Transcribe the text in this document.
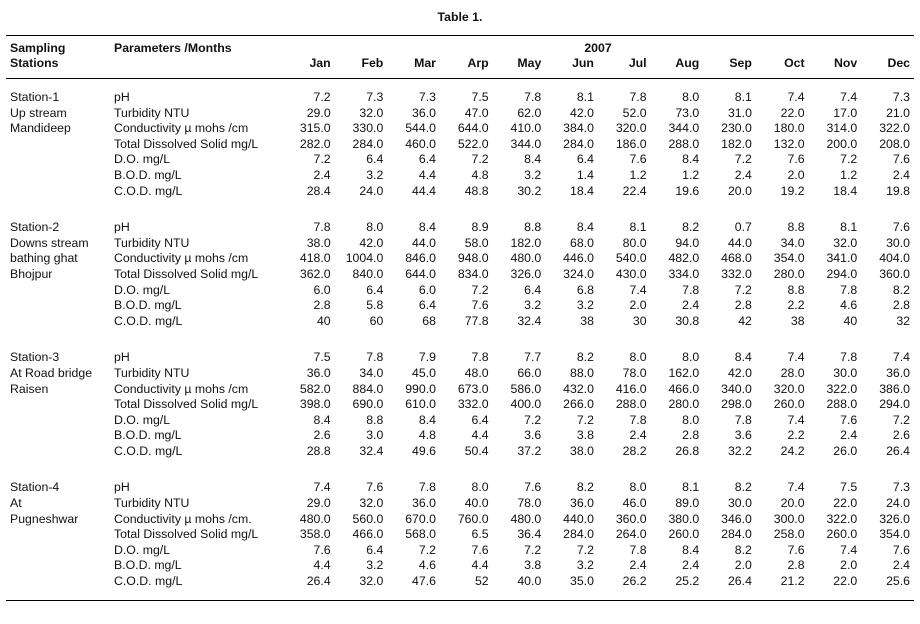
Table 1.
Sampling	Parameters /Months	2007											
Stations		Jan	Feb	Mar	Arp	May	Jun	Jul	Aug	Sep	Oct	Nov	Dec
Station-1	pH	7.2	7.3	7.3	7.5	7.8	8.1	7.8	8.0	8.1	7.4	7.4	7.3
Up stream	Turbidity NTU	29.0	32.0	36.0	47.0	62.0	42.0	52.0	73.0	31.0	22.0	17.0	21.0
Mandideep	Conductivity µ mohs /cm	315.0	330.0	544.0	644.0	410.0	384.0	320.0	344.0	230.0	180.0	314.0	322.0
	Total Dissolved Solid mg/L	282.0	284.0	460.0	522.0	344.0	284.0	186.0	288.0	182.0	132.0	200.0	208.0
	D.O. mg/L	7.2	6.4	6.4	7.2	8.4	6.4	7.6	8.4	7.2	7.6	7.2	7.6
	B.O.D. mg/L	2.4	3.2	4.4	4.8	3.2	1.4	1.2	1.2	2.4	2.0	1.2	2.4
	C.O.D. mg/L	28.4	24.0	44.4	48.8	30.2	18.4	22.4	19.6	20.0	19.2	18.4	19.8
Station-2	pH	7.8	8.0	8.4	8.9	8.8	8.4	8.1	8.2	0.7	8.8	8.1	7.6
Downs stream	Turbidity NTU	38.0	42.0	44.0	58.0	182.0	68.0	80.0	94.0	44.0	34.0	32.0	30.0
bathing ghat	Conductivity µ mohs /cm	418.0	1004.0	846.0	948.0	480.0	446.0	540.0	482.0	468.0	354.0	341.0	404.0
Bhojpur	Total Dissolved Solid mg/L	362.0	840.0	644.0	834.0	326.0	324.0	430.0	334.0	332.0	280.0	294.0	360.0
	D.O. mg/L	6.0	6.4	6.0	7.2	6.4	6.8	7.4	7.8	7.2	8.8	7.8	8.2
	B.O.D. mg/L	2.8	5.8	6.4	7.6	3.2	3.2	2.0	2.4	2.8	2.2	4.6	2.8
	C.O.D. mg/L	40	60	68	77.8	32.4	38	30	30.8	42	38	40	32
Station-3	pH	7.5	7.8	7.9	7.8	7.7	8.2	8.0	8.0	8.4	7.4	7.8	7.4
At Road bridge	Turbidity NTU	36.0	34.0	45.0	48.0	66.0	88.0	78.0	162.0	42.0	28.0	30.0	36.0
Raisen	Conductivity µ mohs /cm	582.0	884.0	990.0	673.0	586.0	432.0	416.0	466.0	340.0	320.0	322.0	386.0
	Total Dissolved Solid mg/L	398.0	690.0	610.0	332.0	400.0	266.0	288.0	280.0	298.0	260.0	288.0	294.0
	D.O. mg/L	8.4	8.8	8.4	6.4	7.2	7.2	7.8	8.0	7.8	7.4	7.6	7.2
	B.O.D. mg/L	2.6	3.0	4.8	4.4	3.6	3.8	2.4	2.8	3.6	2.2	2.4	2.6
	C.O.D. mg/L	28.8	32.4	49.6	50.4	37.2	38.0	28.2	26.8	32.2	24.2	26.0	26.4
Station-4	pH	7.4	7.6	7.8	8.0	7.6	8.2	8.0	8.1	8.2	7.4	7.5	7.3
At	Turbidity NTU	29.0	32.0	36.0	40.0	78.0	36.0	46.0	89.0	30.0	20.0	22.0	24.0
Pugneshwar	Conductivity µ mohs /cm.	480.0	560.0	670.0	760.0	480.0	440.0	360.0	380.0	346.0	300.0	322.0	326.0
	Total Dissolved Solid mg/L	358.0	466.0	568.0	6.5	36.4	284.0	264.0	260.0	284.0	258.0	260.0	354.0
	D.O. mg/L	7.6	6.4	7.2	7.6	7.2	7.2	7.8	8.4	8.2	7.6	7.4	7.6
	B.O.D. mg/L	4.4	3.2	4.6	4.4	3.8	3.2	2.4	2.4	2.0	2.8	2.0	2.4
	C.O.D. mg/L	26.4	32.0	47.6	52	40.0	35.0	26.2	25.2	26.4	21.2	22.0	25.6
